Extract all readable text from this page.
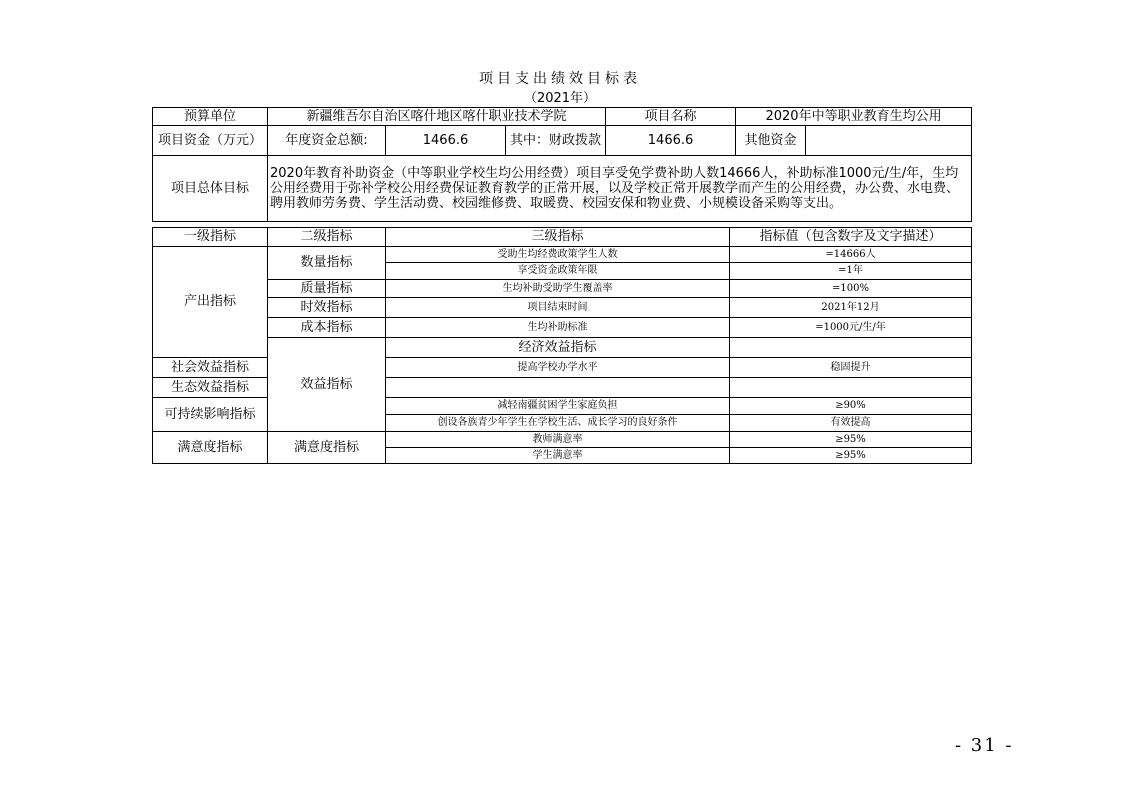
项目支出绩效目标表
（2021年）
预算单位	新疆维吾尔自治区喀什地区喀什职业技术学院			项目名称	2020年中等职业教育生均公用	
项目资金（万元）	年度资金总额:	1466.6	其中：财政拨款	1466.6	其他资金	
项目总体目标	2020年教育补助资金（中等职业学校生均公用经费）项目享受免学费补助人数14666人，补助标准1000元/生/年，生均公用经费用于弥补学校公用经费保证教育教学的正常开展，以及学校正常开展教学而产生的公用经费，办公费、水电费、聘用教师劳务费、学生活动费、校园维修费、取暖费、校园安保和物业费、小规模设备采购等支出。					
一级指标	二级指标	三级指标	指标值（包含数字及文字描述）	
产出指标	数量指标	受助生均经费政策学生人数	=14666人	
		享受资金政策年限	=1年	
	质量指标	生均补助受助学生覆盖率	=100%	
	时效指标	项目结束时间	2021年12月	
	成本指标	生均补助标准	=1000元/生/年	
	效益指标	经济效益指标		
社会效益指标		提高学校办学水平	稳固提升	
生态效益指标				
可持续影响指标		减轻南疆贫困学生家庭负担	≥90%	
		创设各族青少年学生在学校生活、成长学习的良好条件	有效提高	
满意度指标	满意度指标	教师满意率	≥95%	
		学生满意率	≥95%	
- 31 -
